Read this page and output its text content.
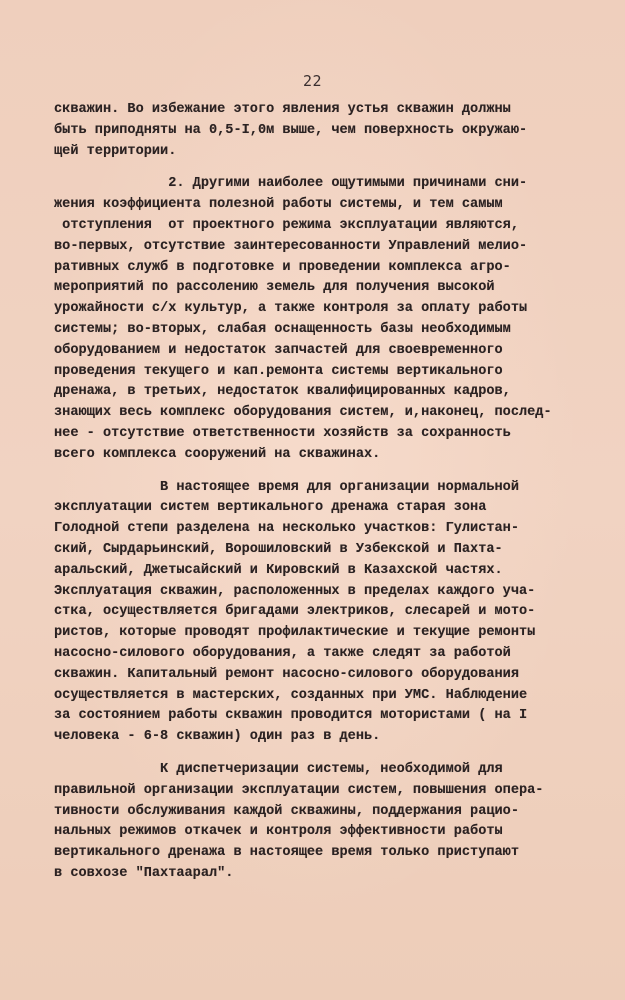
22
скважин. Во избежание этого явления устья скважин должны
быть приподняты на 0,5-I,0м выше, чем поверхность окружаю-
щей территории.
2. Другими наиболее ощутимыми причинами сни-
жения коэффициента полезной работы системы, и тем самым
отступления  от проектного режима эксплуатации являются,
во-первых, отсутствие заинтересованности Управлений мелио-
ративных служб в подготовке и проведении комплекса агро-
мероприятий по рассолению земель для получения высокой
урожайности с/х культур, а также контроля за оплату работы
системы; во-вторых, слабая оснащенность базы необходимым
оборудованием и недостаток запчастей для своевременного
проведения текущего и кап.ремонта системы вертикального
дренажа, в третьих, недостаток квалифицированных кадров,
знающих весь комплекс оборудования систем, и,наконец, послед-
нее - отсутствие ответственности хозяйств за сохранность
всего комплекса сооружений на скважинах.
В настоящее время для организации нормальной
эксплуатации систем вертикального дренажа старая зона
Голодной степи разделена на несколько участков: Гулистан-
ский, Сырдарьинский, Ворошиловский в Узбекской и Пахта-
аральский, Джетысайский и Кировский в Казахской частях.
Эксплуатация скважин, расположенных в пределах каждого уча-
стка, осуществляется бригадами электриков, слесарей и мото-
ристов, которые проводят профилактические и текущие ремонты
насосно-силового оборудования, а также следят за работой
скважин. Капитальный ремонт насосно-силового оборудования
осуществляется в мастерских, созданных при УМС. Наблюдение
за состоянием работы скважин проводится мотористами ( на I
человека - 6-8 скважин) один раз в день.
К диспетчеризации системы, необходимой для
правильной организации эксплуатации систем, повышения опера-
тивности обслуживания каждой скважины, поддержания рацио-
нальных режимов откачек и контроля эффективности работы
вертикального дренажа в настоящее время только приступают
в совхозе "Пахтаарал".
